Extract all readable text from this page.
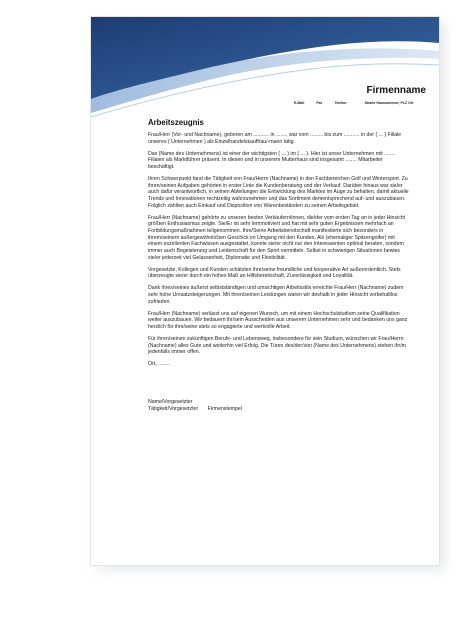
Firmenname
E-Mail	Fax	Telefon	Straße Hausnummer, PLZ Ort
Arbeitszeugnis

Frau/Herr (Vor- und Nachname), geboren am ........... in ......., war vom ......... bis zum ........... in der ( ... ) Filiale unseres ( Unternehmen ) als Einzelhandelskauffrau/-mann tätig.

Das (Name des Unternehmens) ist einer der wichtigsten ( ... ) im ( ... ). Hier ist unser Unternehmen mit ........ Filialen als Marktführer präsent. In diesen und in unserem Mutterhaus sind insgesamt ........ Mitarbeiter beschäftigt.

Ihren Schwerpunkt fand die Tätigkeit von Frau/Herrn (Nachname) in den Fachbereichen Golf und Wintersport. Zu ihren/seinen Aufgaben gehörten in erster Linie die Kundenberatung und der Verkauf. Darüber hinaus war sie/er auch dafür verantwortlich, in seinen Abteilungen die Entwicklung des Marktes im Auge zu behalten, damit aktuelle Trends und Innovationen rechtzeitig wahrzunehmen und das Sortiment dementsprechend auf- und auszubauen. Folglich zählten auch Einkauf und Disposition von Warenbeständen zu seinen Arbeitsgebiet.

Frau/Herr (Nachname) gehörte zu unseren besten Verkäufern/innen, die/der vom ersten Tag an in jeder Hinsicht größten Enthusiasmus zeigte. Sie/Er ist sehr lernmotiviert und hat mit sehr guten Ergebnissen mehrfach an Fortbildungsmaßnahmen teilgenommen. Ihre/Seine Arbeitsbereitschaft manifestierte sich besonders in ihrem/seinem außergewöhnlichen Geschick im Umgang mit den Kunden. Als (ehemaliger Spitzengolfer) mit einem exzellenten Fachwissen ausgestattet, konnte sie/er nicht nur den Interessenten optimal beraten, sondern immer auch Begeisterung und Leidenschaft für den Sport vermitteln. Selbst in schwierigen Situationen bewies sie/er jederzeit viel Gelassenheit, Diplomatie und Flexibilität.

Vorgesetzte, Kollegen und Kunden schätzten ihre/seine freundliche und kooperative Art außerordentlich. Stets überzeugte sie/er durch ein hohes Maß an Hilfsbereitschaft, Zuverlässigkeit und Loyalität.

Dank ihres/seines äußerst selbstständigen und umsichtigen Arbeitsstils erreichte Frau/Herr (Nachname) zudem sehr hohe Umsatzsteigerungen. Mit ihren/seinen Leistungen waren wir deshalb in jeder Hinsicht vorbehaltlos zufrieden.

Frau/Herr (Nachname) verlässt uns auf eigenen Wunsch, um mit einem Hochschulstudium seine Qualifikation weiter auszubauen. Wir bedauern ihr/sein Ausscheiden aus unserem Unternehmen sehr und bedanken uns ganz herzlich für ihre/seine stets so engagierte und wertvolle Arbeit.

Für ihren/seinen zukünftigen Berufs- und Lebensweg, insbesondere für sein Studium, wünschen wir Frau/Herrn (Nachname) alles Gute und weiterhin viel Erfolg. Die Türen des/der/von (Name des Unternehmens) stehen ihr/m jedenfalls immer offen.

Ort, ........

Name/Vorgesetzter
Tätigkeit/Vorgesetzter Firmenstempel
